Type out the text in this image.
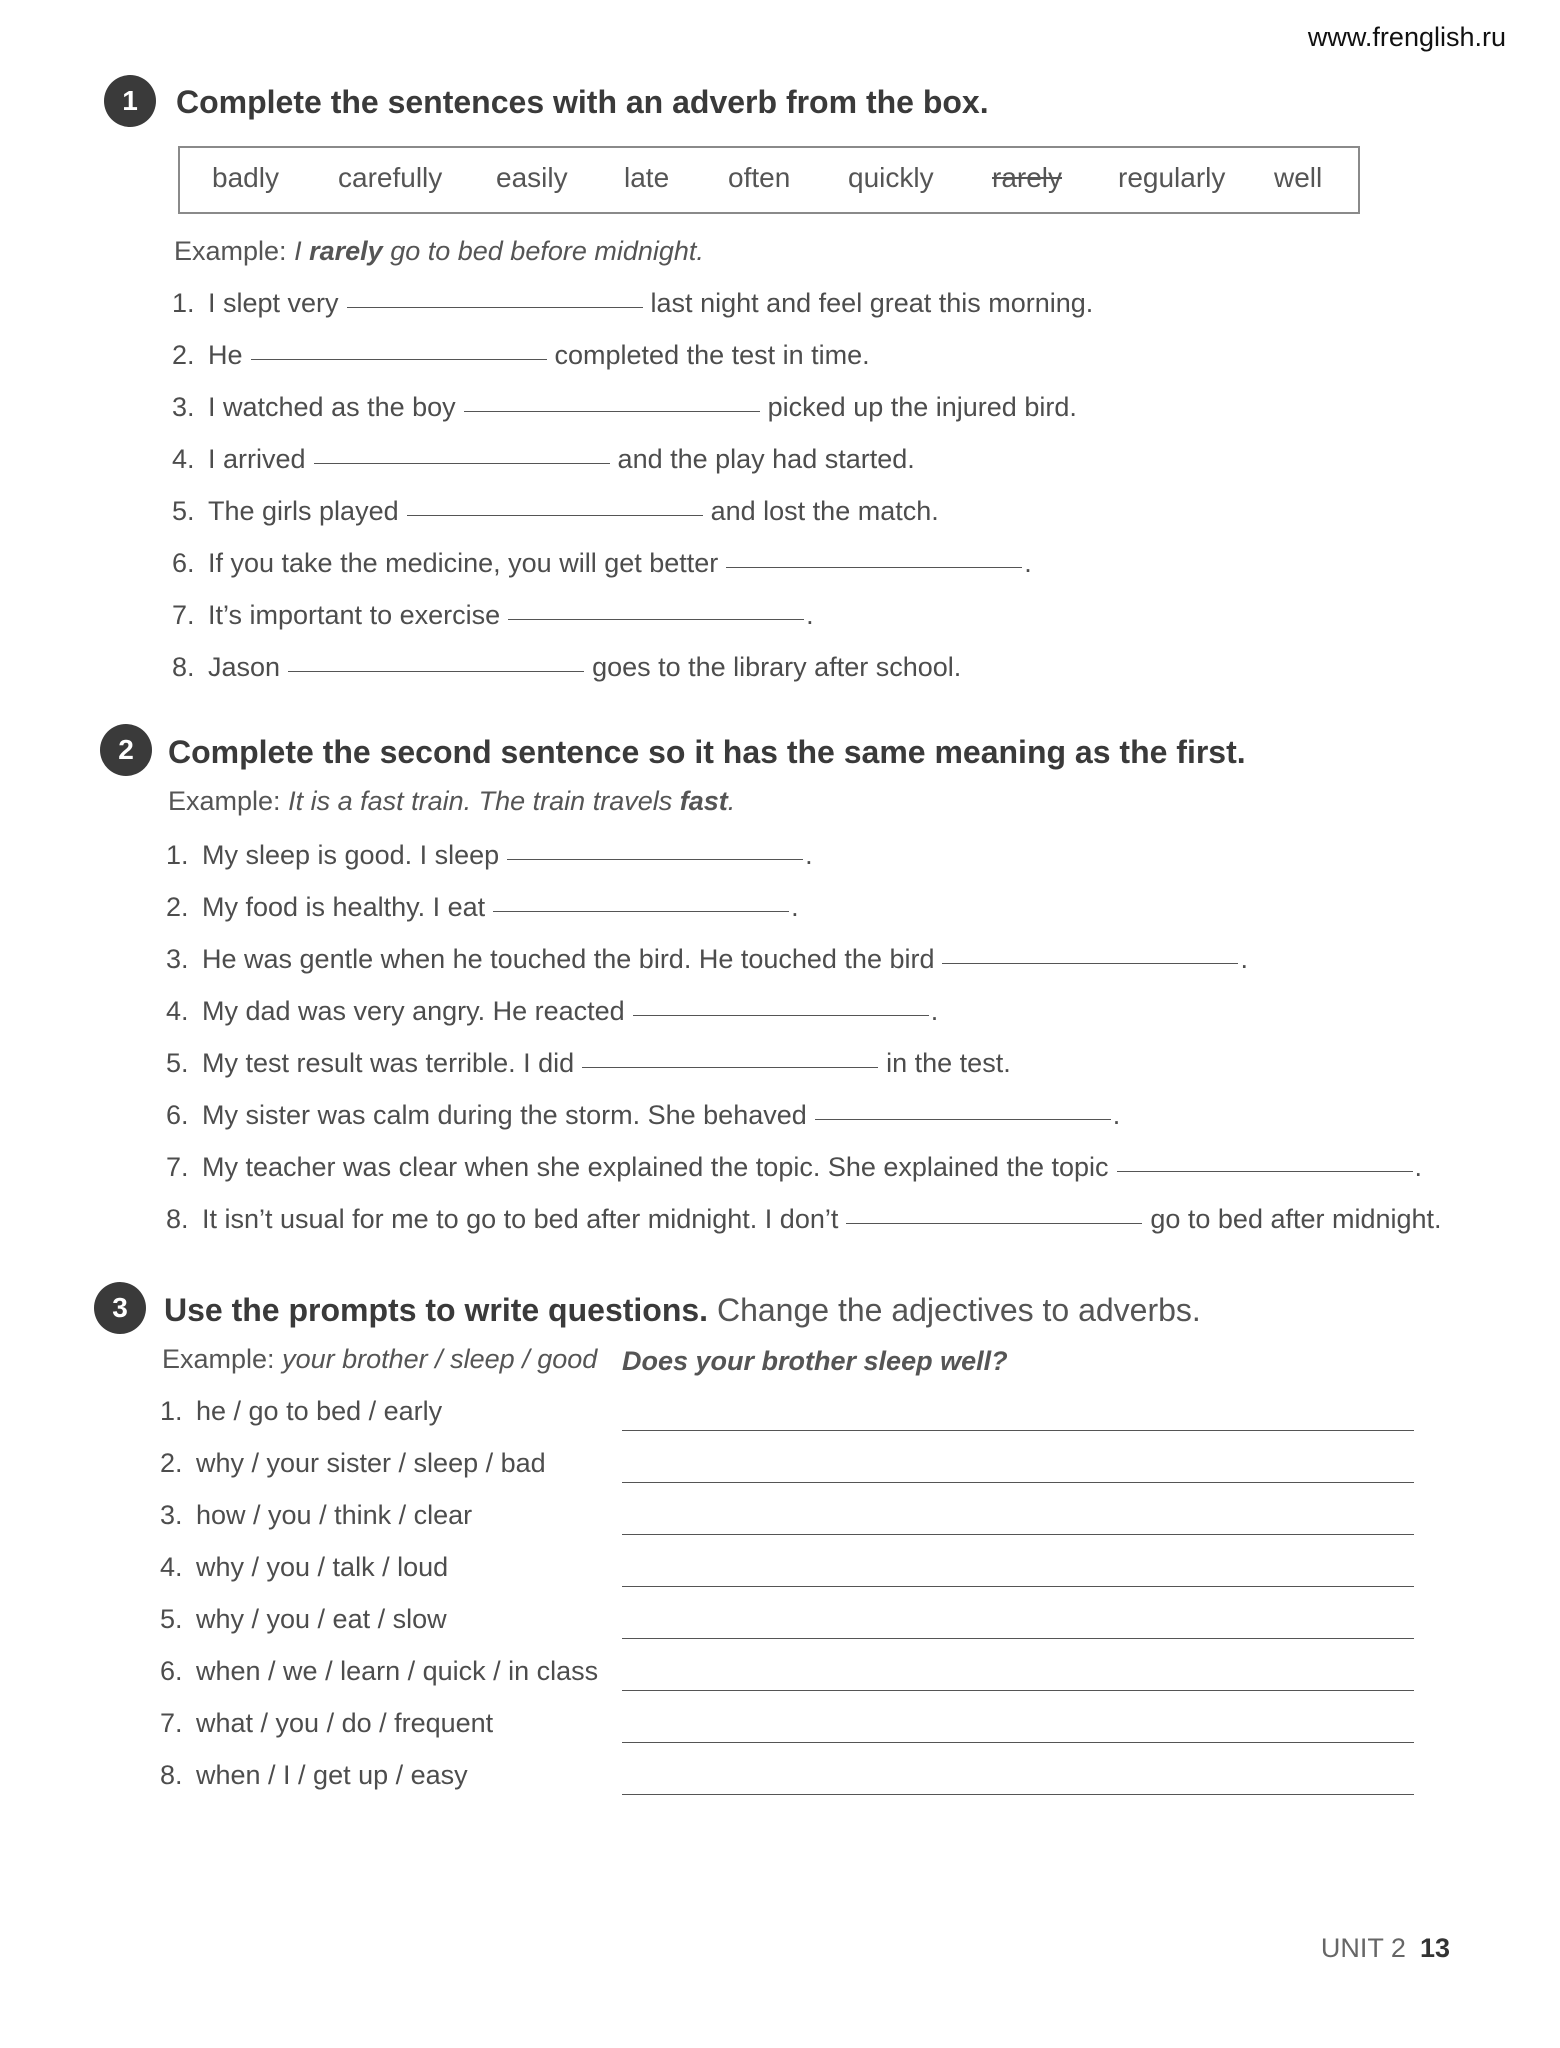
www.frenglish.ru
1	Complete the sentences with an adverb from the box.
badly carefully easily late often quickly rarely regularly well
Example: I rarely go to bed before midnight.
1. I slept very	last night and feel great this morning.
2. He	completed the test in time.
3. I watched as the boy	picked up the injured bird.
4. I arrived	and the play had started.
5. The girls played	and lost the match.
6. If you take the medicine, you will get better	.
7. It’s important to exercise	.
8. Jason	goes to the library after school.
2	Complete the second sentence so it has the same meaning as the first.
Example: It is a fast train. The train travels fast.
1. My sleep is good. I sleep	.
2. My food is healthy. I eat	.
3. He was gentle when he touched the bird. He touched the bird	.
4. My dad was very angry. He reacted	.
5. My test result was terrible. I did	in the test.
6. My sister was calm during the storm. She behaved	.
7. My teacher was clear when she explained the topic. She explained the topic	.
8. It isn’t usual for me to go to bed after midnight. I don’t	go to bed after midnight.
3	Use the prompts to write questions. Change the adjectives to adverbs.
Example: your brother / sleep / good Does your brother sleep well?
1. he / go to bed / early
2. why / your sister / sleep / bad
3. how / you / think / clear
4. why / you / talk / loud
5. why / you / eat / slow
6. when / we / learn / quick / in class
7. what / you / do / frequent
8. when / I / get up / easy
UNIT 2 13
